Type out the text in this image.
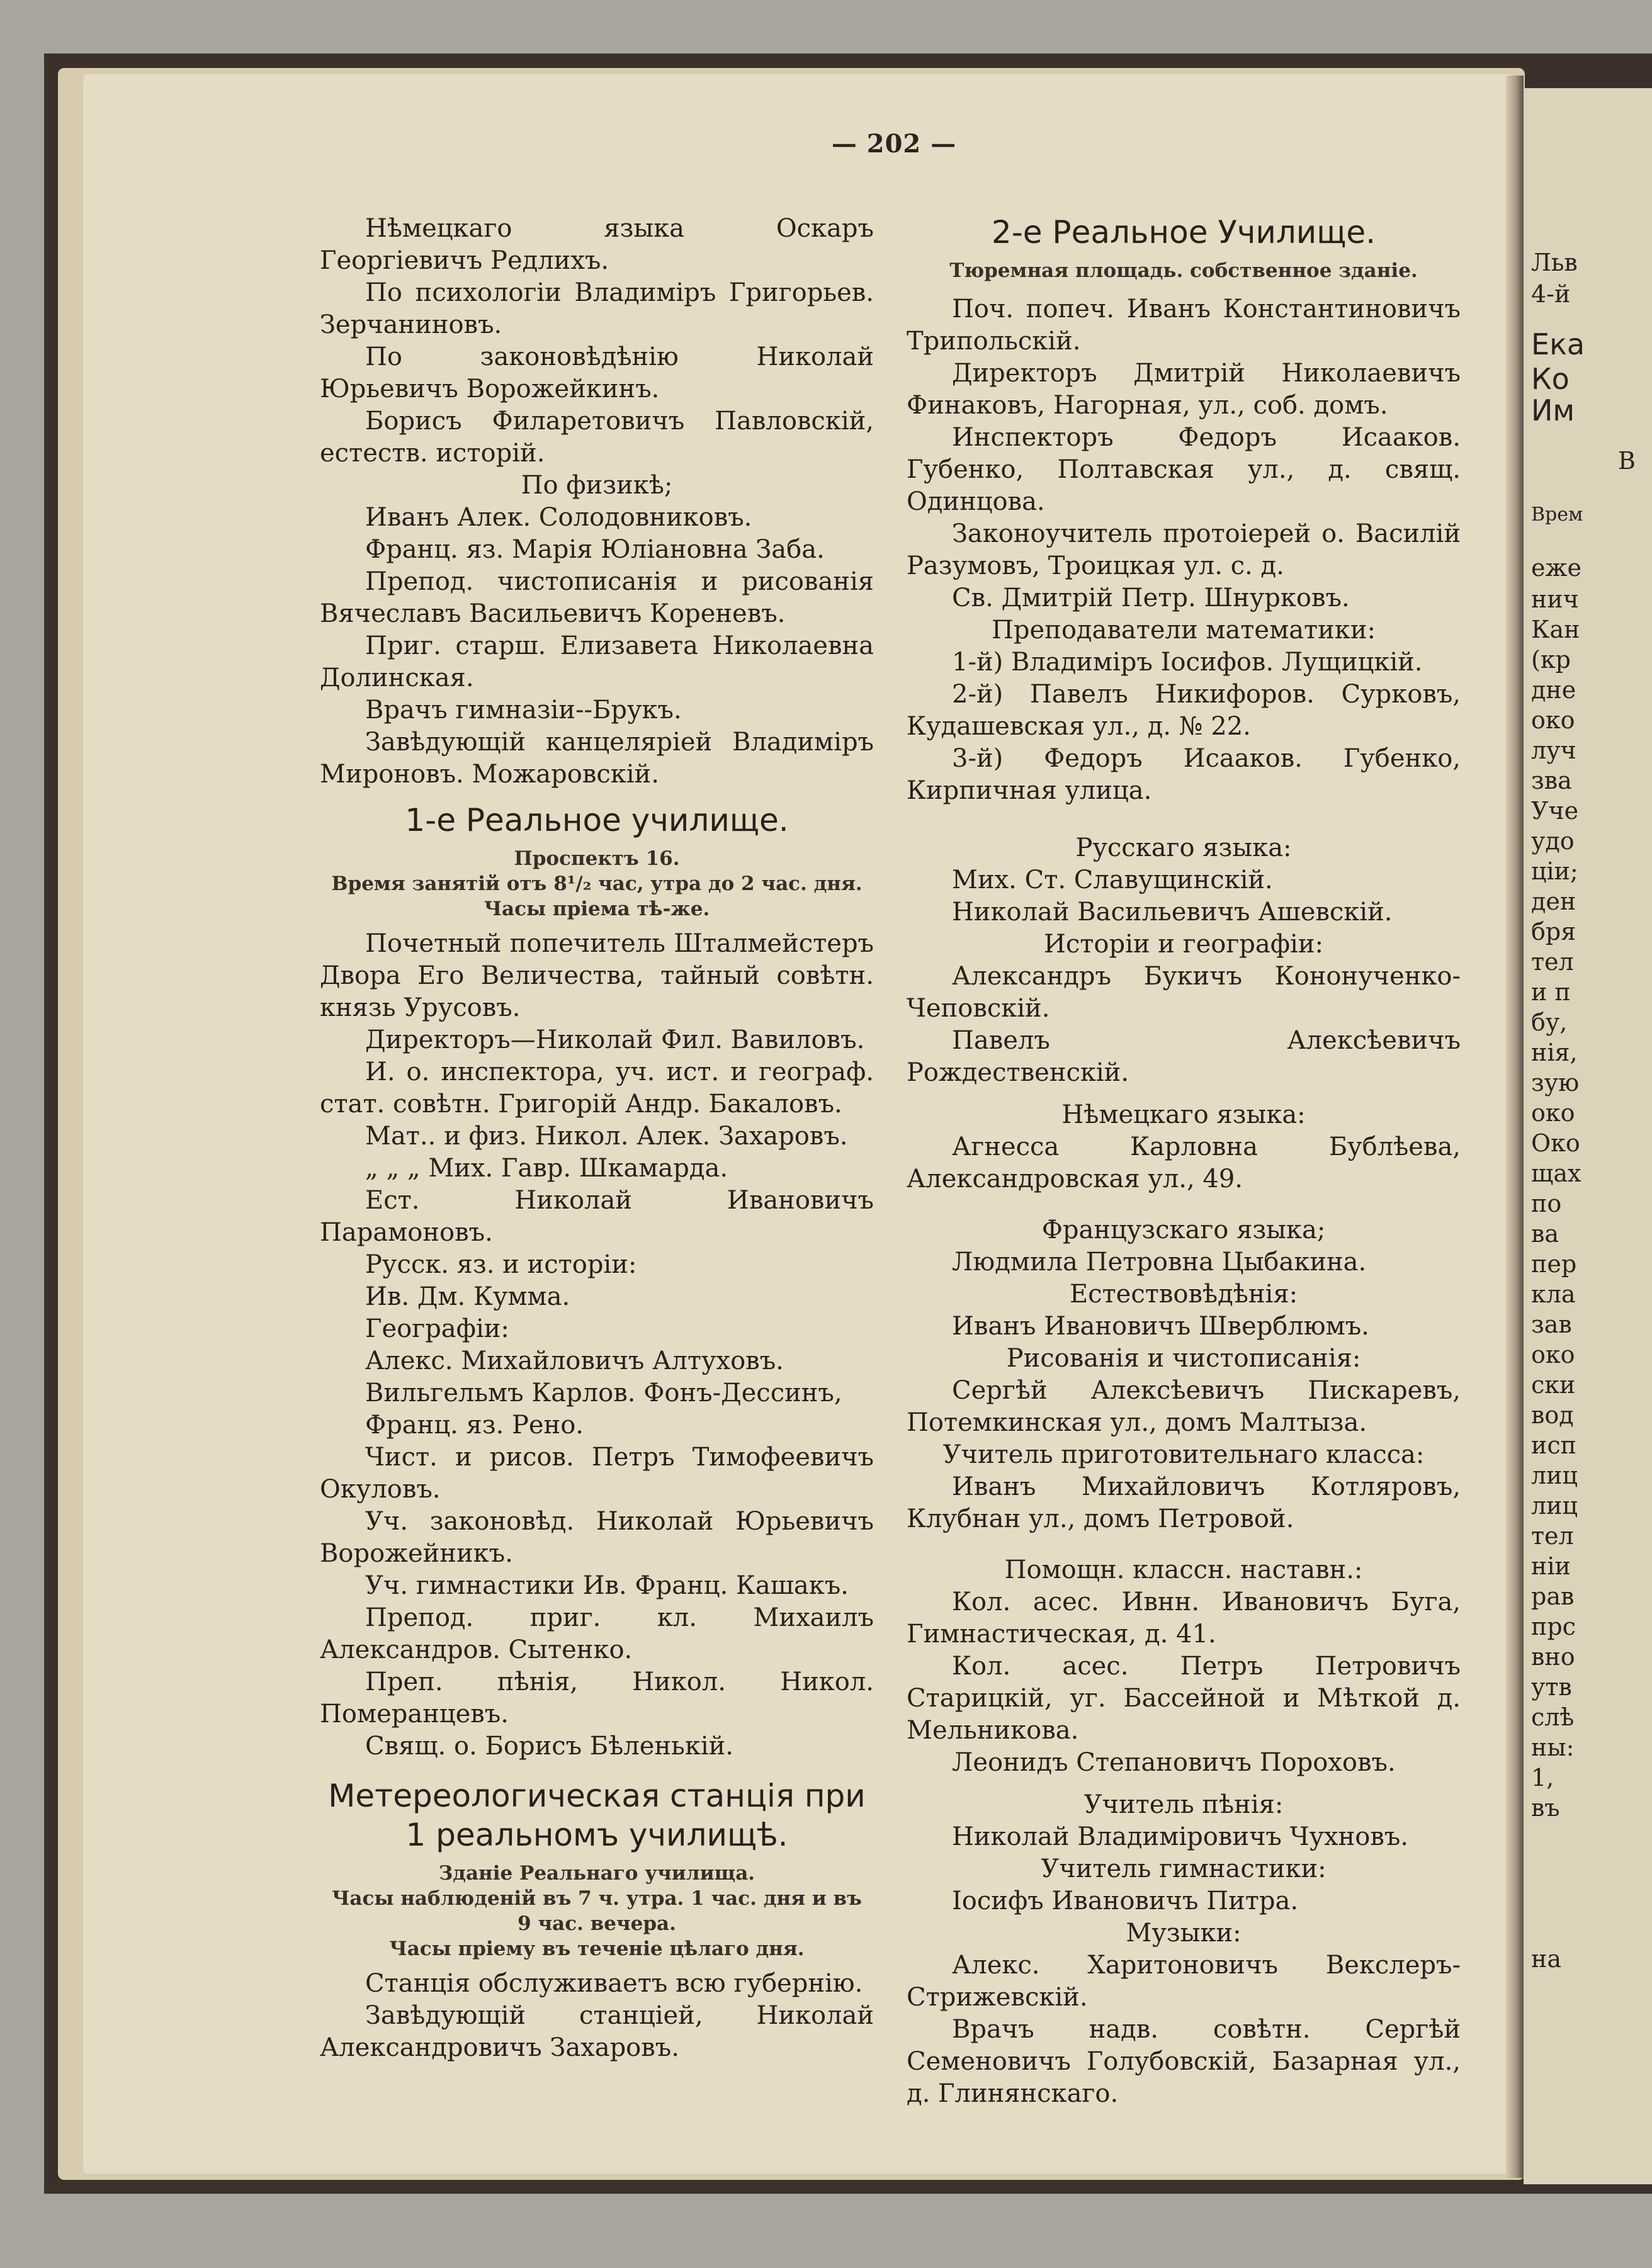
Льв
4-й
Ека
Ко
Им
В
Врем
еже
нич
Кан
(кр
дне
око
луч
зва
Уче
удо
ціи;
ден
бря
тел
и п
бу,
нія,
зую
око
Око
щах
по
ва
пер
кла
зав
око
ски
вод
исп
лиц
лиц
тел
ніи
рав
прс
вно
утв
слѣ
ны:
1,
въ
на
— 202 —

Нѣмецкаго языка Оскаръ Георгіевичъ Редлихъ.

По психологіи Владиміръ Григорьев. Зерчаниновъ.

По законовѣдѣнію Николай Юрьевичъ Ворожейкинъ.

Борисъ Филаретовичъ Павловскій, естеств. исторій.

По физикѣ;

Иванъ Алек. Солодовниковъ.

Франц. яз. Марія Юліановна Заба.

Препод. чистописанія и рисованія Вячеславъ Васильевичъ Кореневъ.

Приг. старш. Елизавета Николаевна Долинская.

Врачъ гимназіи--Брукъ.

Завѣдующій канцеляріей Владиміръ Мироновъ. Можаровскій.

1-е Реальное училище.

Проспектъ 16.

Время занятій отъ 8¹/₂ час, утра до 2 час. дня.

Часы пріема тѣ-же.

Почетный попечитель Шталмейстеръ Двора Его Величества, тайный совѣтн. князь Урусовъ.

Директоръ—Николай Фил. Вавиловъ.

И. о. инспектора, уч. ист. и географ. стат. совѣтн. Григорій Андр. Бакаловъ.

Мат.. и физ. Никол. Алек. Захаровъ.

„ „ „ Мих. Гавр. Шкамарда.

Ест. Николай Ивановичъ Парамоновъ.

Русск. яз. и исторіи:

Ив. Дм. Кумма.

Географіи:

Алекс. Михайловичъ Алтуховъ.

Вильгельмъ Карлов. Фонъ-Дессинъ,

Франц. яз. Рено.

Чист. и рисов. Петръ Тимофеевичъ Окуловъ.

Уч. законовѣд. Николай Юрьевичъ Ворожейникъ.

Уч. гимнастики Ив. Франц. Кашакъ.

Препод. приг. кл. Михаилъ Александров. Сытенко.

Преп. пѣнія, Никол. Никол. Померанцевъ.

Свящ. о. Борисъ Бѣленькій.

Метереологическая станція при

1 реальномъ училищѣ.

Зданіе Реальнаго училища.

Часы наблюденій въ 7 ч. утра. 1 час. дня и въ

9 час. вечера.

Часы пріему въ теченіе цѣлаго дня.

Станція обслуживаетъ всю губернію.

Завѣдующій станціей, Николай Александровичъ Захаровъ.

2-е Реальное Училище.

Тюремная площадь. собственное зданіе.

Поч. попеч. Иванъ Константиновичъ Трипольскій.

Директоръ Дмитрій Николаевичъ Финаковъ, Нагорная, ул., соб. домъ.

Инспекторъ Федоръ Исааков. Губенко, Полтавская ул., д. свящ. Одинцова.

Законоучитель протоіерей о. Василій Разумовъ, Троицкая ул. с. д.

Св. Дмитрій Петр. Шнурковъ.

Преподаватели математики:

1-й) Владиміръ Іосифов. Лущицкій.

2-й) Павелъ Никифоров. Сурковъ, Кудашевская ул., д. № 22.

3-й) Федоръ Исааков. Губенко, Кирпичная улица.

Русскаго языка:

Мих. Ст. Славущинскій.

Николай Васильевичъ Ашевскій.

Исторіи и географіи:

Александръ Букичъ Кононученко-Чеповскій.

Павелъ Алексѣевичъ Рождественскій.

Нѣмецкаго языка:

Агнесса Карловна Бублѣева, Александровская ул., 49.

Французскаго языка;

Людмила Петровна Цыбакина.

Естествовѣдѣнія:

Иванъ Ивановичъ Шверблюмъ.

Рисованія и чистописанія:

Сергѣй Алексѣевичъ Пискаревъ, Потемкинская ул., домъ Малтыза.

Учитель приготовительнаго класса:

Иванъ Михайловичъ Котляровъ, Клубнан ул., домъ Петровой.

Помощн. классн. наставн.:

Кол. асес. Ивнн. Ивановичъ Буга, Гимнастическая, д. 41.

Кол. асес. Петръ Петровичъ Старицкій, уг. Бассейной и Мѣткой д. Мельникова.

Леонидъ Степановичъ Пороховъ.

Учитель пѣнія:

Николай Владиміровичъ Чухновъ.

Учитель гимнастики:

Іосифъ Ивановичъ Питра.

Музыки:

Алекс. Харитоновичъ Векслеръ-Стрижевскій.

Врачъ надв. совѣтн. Сергѣй Семеновичъ Голубовскій, Базарная ул., д. Глинянскаго.
